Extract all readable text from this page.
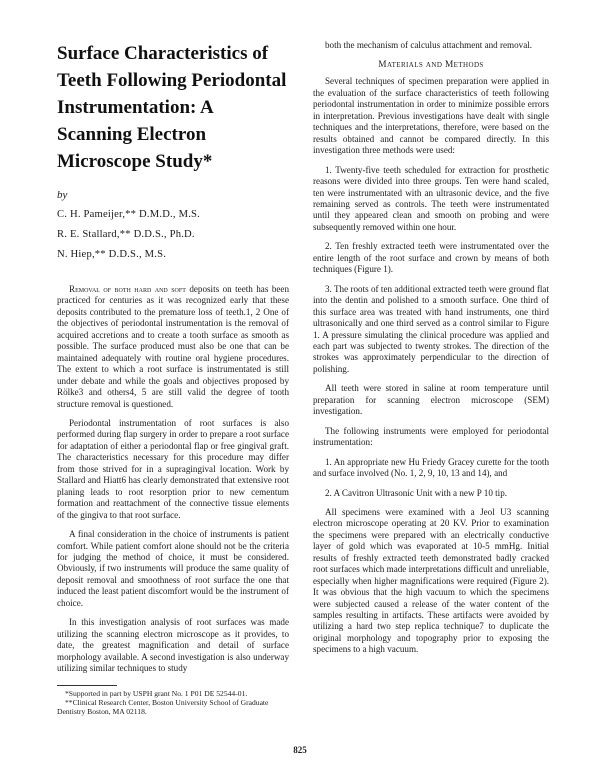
Surface Characteristics of Teeth Following Periodontal Instrumentation: A Scanning Electron Microscope Study*
by
C. H. Pameijer,** D.M.D., M.S.
R. E. Stallard,** D.D.S., Ph.D.
N. Hiep,** D.D.S., M.S.

Removal of both hard and soft deposits on teeth has been practiced for centuries as it was recognized early that these deposits contributed to the premature loss of teeth.1, 2 One of the objectives of periodontal instrumentation is the removal of acquired accretions and to create a tooth surface as smooth as possible. The surface produced must also be one that can be maintained adequately with routine oral hygiene procedures. The extent to which a root surface is instrumentated is still under debate and while the goals and objectives proposed by Rölke3 and others4, 5 are still valid the degree of tooth structure removal is questioned.

Periodontal instrumentation of root surfaces is also performed during flap surgery in order to prepare a root surface for adaptation of either a periodontal flap or free gingival graft. The characteristics necessary for this procedure may differ from those strived for in a supragingival location. Work by Stallard and Hiatt6 has clearly demonstrated that extensive root planing leads to root resorption prior to new cementum formation and reattachment of the connective tissue elements of the gingiva to that root surface.

A final consideration in the choice of instruments is patient comfort. While patient comfort alone should not be the criteria for judging the method of choice, it must be considered. Obviously, if two instruments will produce the same quality of deposit removal and smoothness of root surface the one that induced the least patient discomfort would be the instrument of choice.

In this investigation analysis of root surfaces was made utilizing the scanning electron microscope as it provides, to date, the greatest magnification and detail of surface morphology available. A second investigation is also underway utilizing similar techniques to study

*Supported in part by USPH grant No. 1 P01 DE 52544-01.

**Clinical Research Center, Boston University School of Graduate Dentistry Boston, MA 02118.

both the mechanism of calculus attachment and removal.

Materials and Methods

Several techniques of specimen preparation were applied in the evaluation of the surface characteristics of teeth following periodontal instrumentation in order to minimize possible errors in interpretation. Previous investigations have dealt with single techniques and the interpretations, therefore, were based on the results obtained and cannot be compared directly. In this investigation three methods were used:

1. Twenty-five teeth scheduled for extraction for prosthetic reasons were divided into three groups. Ten were hand scaled, ten were instrumentated with an ultrasonic device, and the five remaining served as controls. The teeth were instrumentated until they appeared clean and smooth on probing and were subsequently removed within one hour.

2. Ten freshly extracted teeth were instrumentated over the entire length of the root surface and crown by means of both techniques (Figure 1).

3. The roots of ten additional extracted teeth were ground flat into the dentin and polished to a smooth surface. One third of this surface area was treated with hand instruments, one third ultrasonically and one third served as a control similar to Figure 1. A pressure simulating the clinical procedure was applied and each part was subjected to twenty strokes. The direction of the strokes was approximately perpendicular to the direction of polishing.

All teeth were stored in saline at room temperature until preparation for scanning electron microscope (SEM) investigation.

The following instruments were employed for periodontal instrumentation:

1. An appropriate new Hu Friedy Gracey curette for the tooth and surface involved (No. 1, 2, 9, 10, 13 and 14), and

2. A Cavitron Ultrasonic Unit with a new P 10 tip.

All specimens were examined with a Jeol U3 scanning electron microscope operating at 20 KV. Prior to examination the specimens were prepared with an electrically conductive layer of gold which was evaporated at 10-5 mmHg. Initial results of freshly extracted teeth demonstrated badly cracked root surfaces which made interpretations difficult and unreliable, especially when higher magnifications were required (Figure 2). It was obvious that the high vacuum to which the specimens were subjected caused a release of the water content of the samples resulting in artifacts. These artifacts were avoided by utilizing a hard two step replica technique7 to duplicate the original morphology and topography prior to exposing the specimens to a high vacuum.

825
